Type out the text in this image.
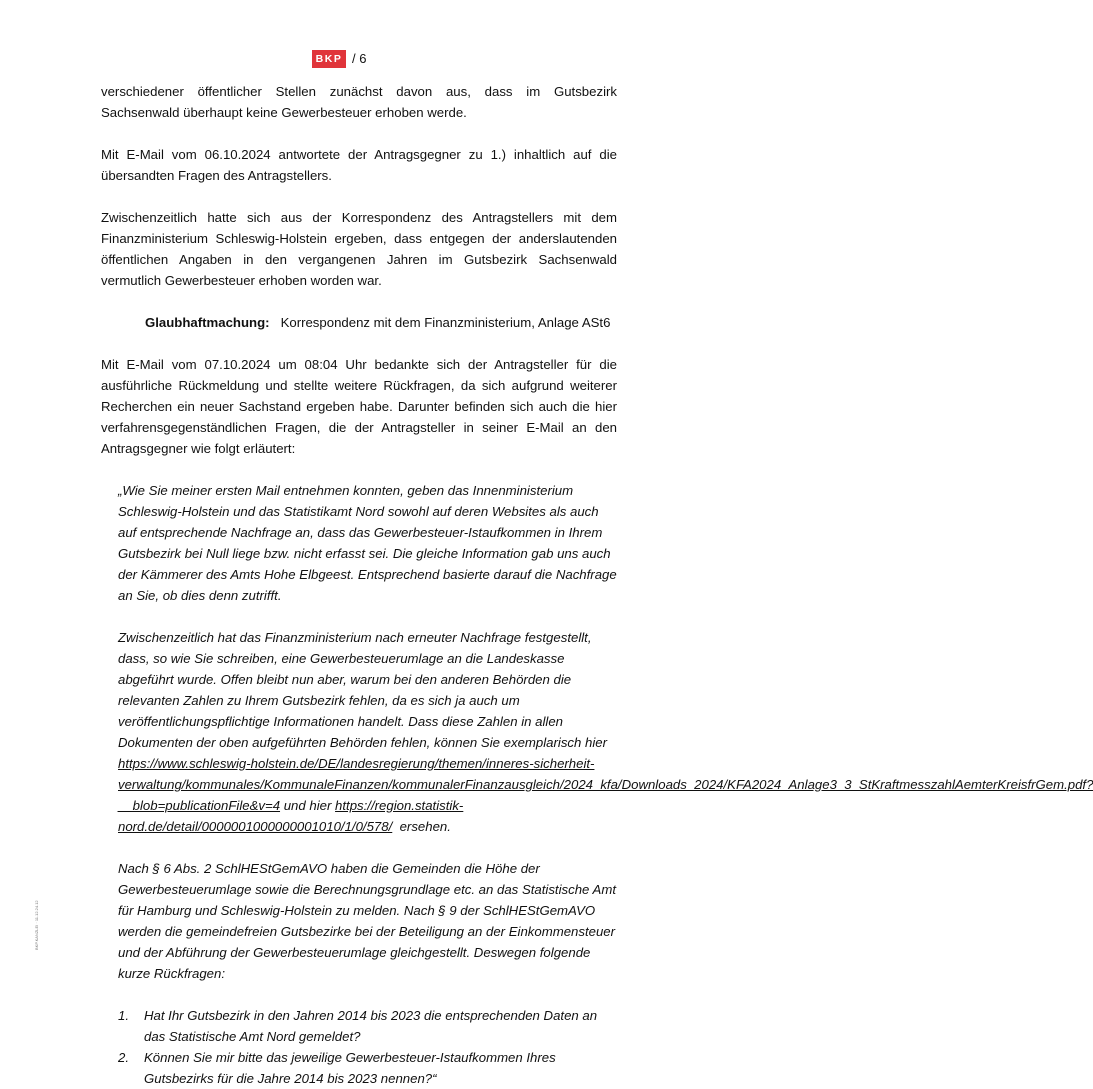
BKP / 6

verschiedener öffentlicher Stellen zunächst davon aus, dass im Gutsbezirk Sachsenwald überhaupt keine Gewerbesteuer erhoben werde.

Mit E-Mail vom 06.10.2024 antwortete der Antragsgegner zu 1.) inhaltlich auf die übersandten Fragen des Antragstellers.

Zwischenzeitlich hatte sich aus der Korrespondenz des Antragstellers mit dem Finanzministerium Schleswig-Holstein ergeben, dass entgegen der anderslautenden öffentlichen Angaben in den vergangenen Jahren im Gutsbezirk Sachsenwald vermutlich Gewerbesteuer erhoben worden war.

Glaubhaftmachung: Korrespondenz mit dem Finanzministerium, Anlage ASt6

Mit E-Mail vom 07.10.2024 um 08:04 Uhr bedankte sich der Antragsteller für die ausführliche Rückmeldung und stellte weitere Rückfragen, da sich aufgrund weiterer Recherchen ein neuer Sachstand ergeben habe. Darunter befinden sich auch die hier verfahrensgegenständlichen Fragen, die der Antragsteller in seiner E-Mail an den Antragsgegner wie folgt erläutert:

„Wie Sie meiner ersten Mail entnehmen konnten, geben das Innenministerium Schleswig-Holstein und das Statistikamt Nord sowohl auf deren Websites als auch auf entsprechende Nachfrage an, dass das Gewerbesteuer-Istaufkommen in Ihrem Gutsbezirk bei Null liege bzw. nicht erfasst sei. Die gleiche Information gab uns auch der Kämmerer des Amts Hohe Elbgeest. Entsprechend basierte darauf die Nachfrage an Sie, ob dies denn zutrifft.

Zwischenzeitlich hat das Finanzministerium nach erneuter Nachfrage festgestellt, dass, so wie Sie schreiben, eine Gewerbesteuerumlage an die Landeskasse abgeführt wurde. Offen bleibt nun aber, warum bei den anderen Behörden die relevanten Zahlen zu Ihrem Gutsbezirk fehlen, da es sich ja auch um veröffentlichungspflichtige Informationen handelt. Dass diese Zahlen in allen Dokumenten der oben aufgeführten Behörden fehlen, können Sie exemplarisch hier https://www.schleswig-holstein.de/DE/landesregierung/themen/inneres-sicherheit-verwaltung/kommunales/KommunaleFinanzen/kommunalerFinanzausgleich/2024_kfa/Downloads_2024/KFA2024_Anlage3_3_StKraftmesszahlAemterKreisfrGem.pdf?__blob=publicationFile&v=4 und hier https://region.statistik-nord.de/detail/0000001000000001010/1/0/578/ ersehen.

Nach § 6 Abs. 2 SchlHEStGemAVO haben die Gemeinden die Höhe der Gewerbesteuerumlage sowie die Berechnungsgrundlage etc. an das Statistische Amt für Hamburg und Schleswig-Holstein zu melden. Nach § 9 der SchlHEStGemAVO werden die gemeindefreien Gutsbezirke bei der Beteiligung an der Einkommensteuer und der Abführung der Gewerbesteuerumlage gleichgestellt. Deswegen folgende kurze Rückfragen:

1. Hat Ihr Gutsbezirk in den Jahren 2014 bis 2023 die entsprechenden Daten an das Statistische Amt Nord gemeldet?
2. Können Sie mir bitte das jeweilige Gewerbesteuer-Istaufkommen Ihres Gutsbezirks für die Jahre 2014 bis 2023 nennen?“
BKP.KANZLEI · 11.12.24.12
